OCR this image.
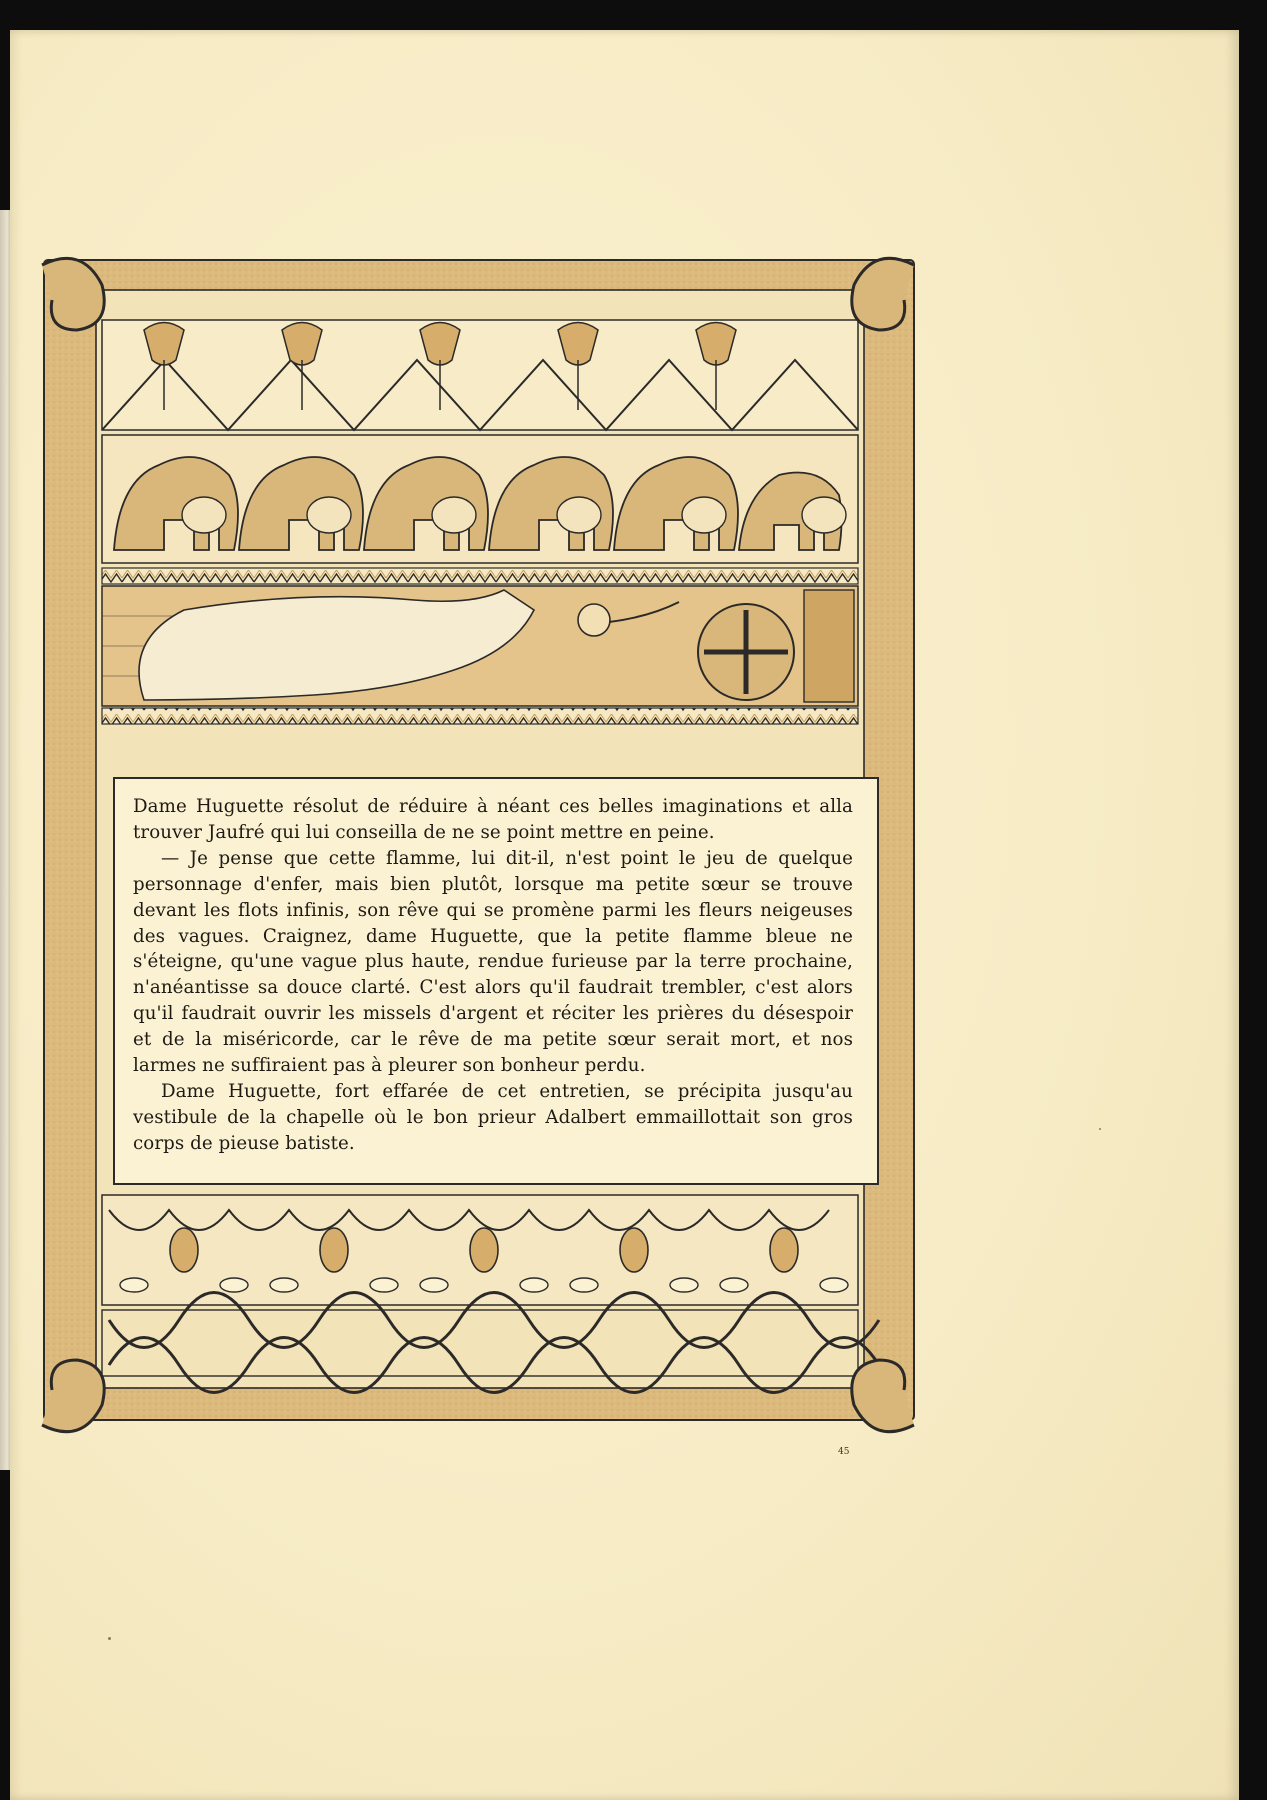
Dame Huguette résolut de réduire à néant ces belles imaginations et alla trouver Jaufré qui lui conseilla de ne se point mettre en peine.

— Je pense que cette flamme, lui dit-il, n'est point le jeu de quelque personnage d'enfer, mais bien plutôt, lorsque ma petite sœur se trouve devant les flots infinis, son rêve qui se promène parmi les fleurs neigeuses des vagues. Craignez, dame Huguette, que la petite flamme bleue ne s'éteigne, qu'une vague plus haute, rendue furieuse par la terre prochaine, n'anéantisse sa douce clarté. C'est alors qu'il faudrait trembler, c'est alors qu'il faudrait ouvrir les missels d'argent et réciter les prières du désespoir et de la miséricorde, car le rêve de ma petite sœur serait mort, et nos larmes ne suffiraient pas à pleurer son bonheur perdu.

Dame Huguette, fort effarée de cet entretien, se précipita jusqu'au vestibule de la chapelle où le bon prieur Adalbert emmaillottait son gros corps de pieuse batiste.

45
